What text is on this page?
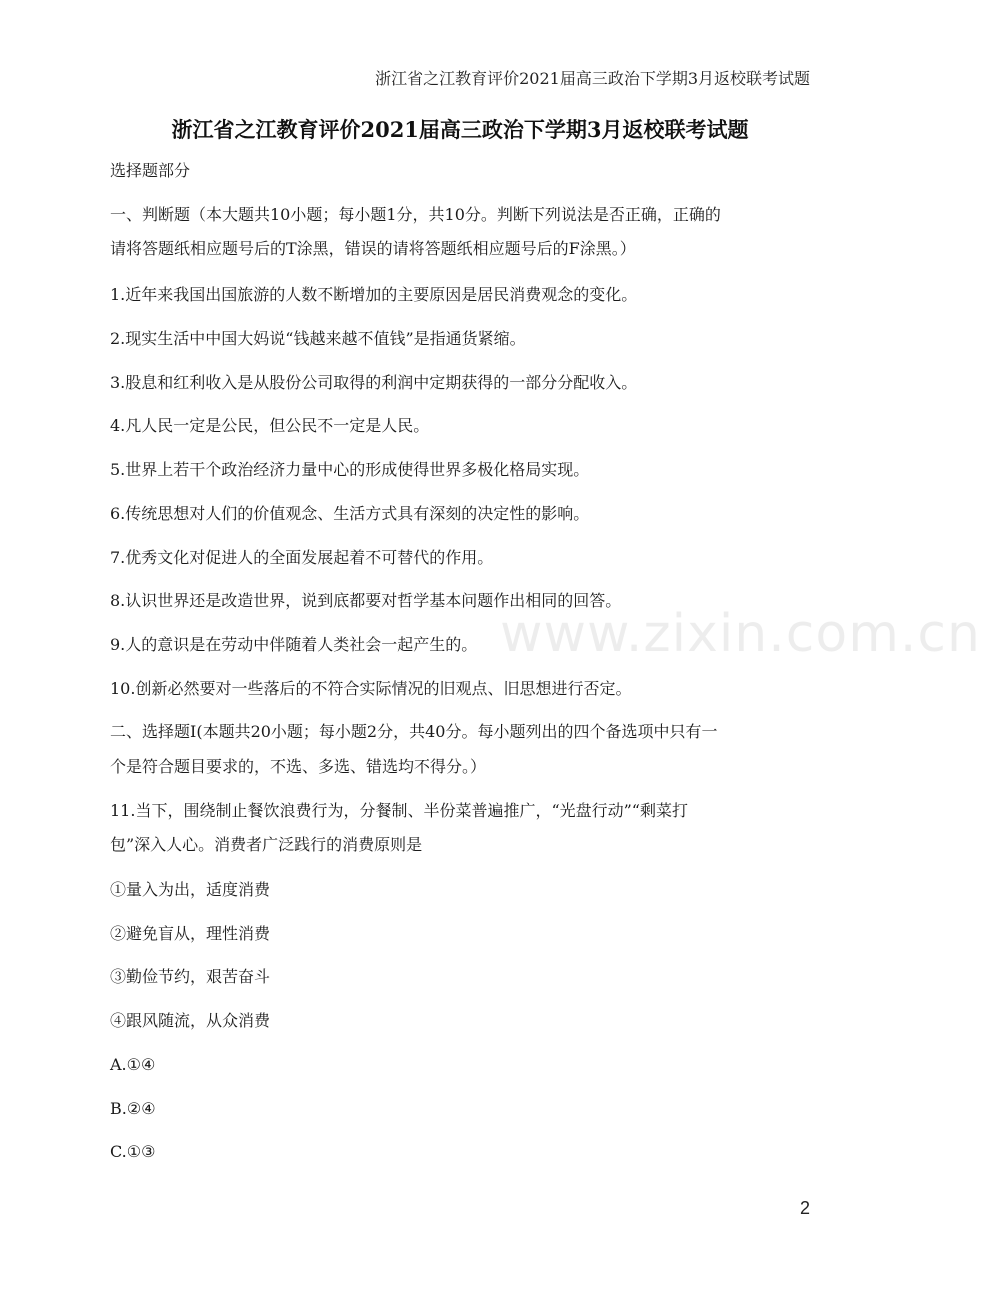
浙江省之江教育评价2021届高三政治下学期3月返校联考试题
浙江省之江教育评价2021届高三政治下学期3月返校联考试题
选择题部分
一、判断题（本大题共10小题；每小题1分，共10分。判断下列说法是否正确，正确的
请将答题纸相应题号后的T涂黑，错误的请将答题纸相应题号后的F涂黑。）
1.近年来我国出国旅游的人数不断增加的主要原因是居民消费观念的变化。
2.现实生活中中国大妈说“钱越来越不值钱”是指通货紧缩。
3.股息和红利收入是从股份公司取得的利润中定期获得的一部分分配收入。
4.凡人民一定是公民，但公民不一定是人民。
5.世界上若干个政治经济力量中心的形成使得世界多极化格局实现。
6.传统思想对人们的价值观念、生活方式具有深刻的决定性的影响。
7.优秀文化对促进人的全面发展起着不可替代的作用。
8.认识世界还是改造世界，说到底都要对哲学基本问题作出相同的回答。
9.人的意识是在劳动中伴随着人类社会一起产生的。
10.创新必然要对一些落后的不符合实际情况的旧观点、旧思想进行否定。
二、选择题Ⅰ(本题共20小题；每小题2分，共40分。每小题列出的四个备选项中只有一
个是符合题目要求的，不选、多选、错选均不得分。）
11.当下，围绕制止餐饮浪费行为，分餐制、半份菜普遍推广，“光盘行动”“剩菜打
包”深入人心。消费者广泛践行的消费原则是
①量入为出，适度消费
②避免盲从，理性消费
③勤俭节约，艰苦奋斗
④跟风随流，从众消费
A.①④
B.②④
C.①③
www.zixin.com.cn
2
